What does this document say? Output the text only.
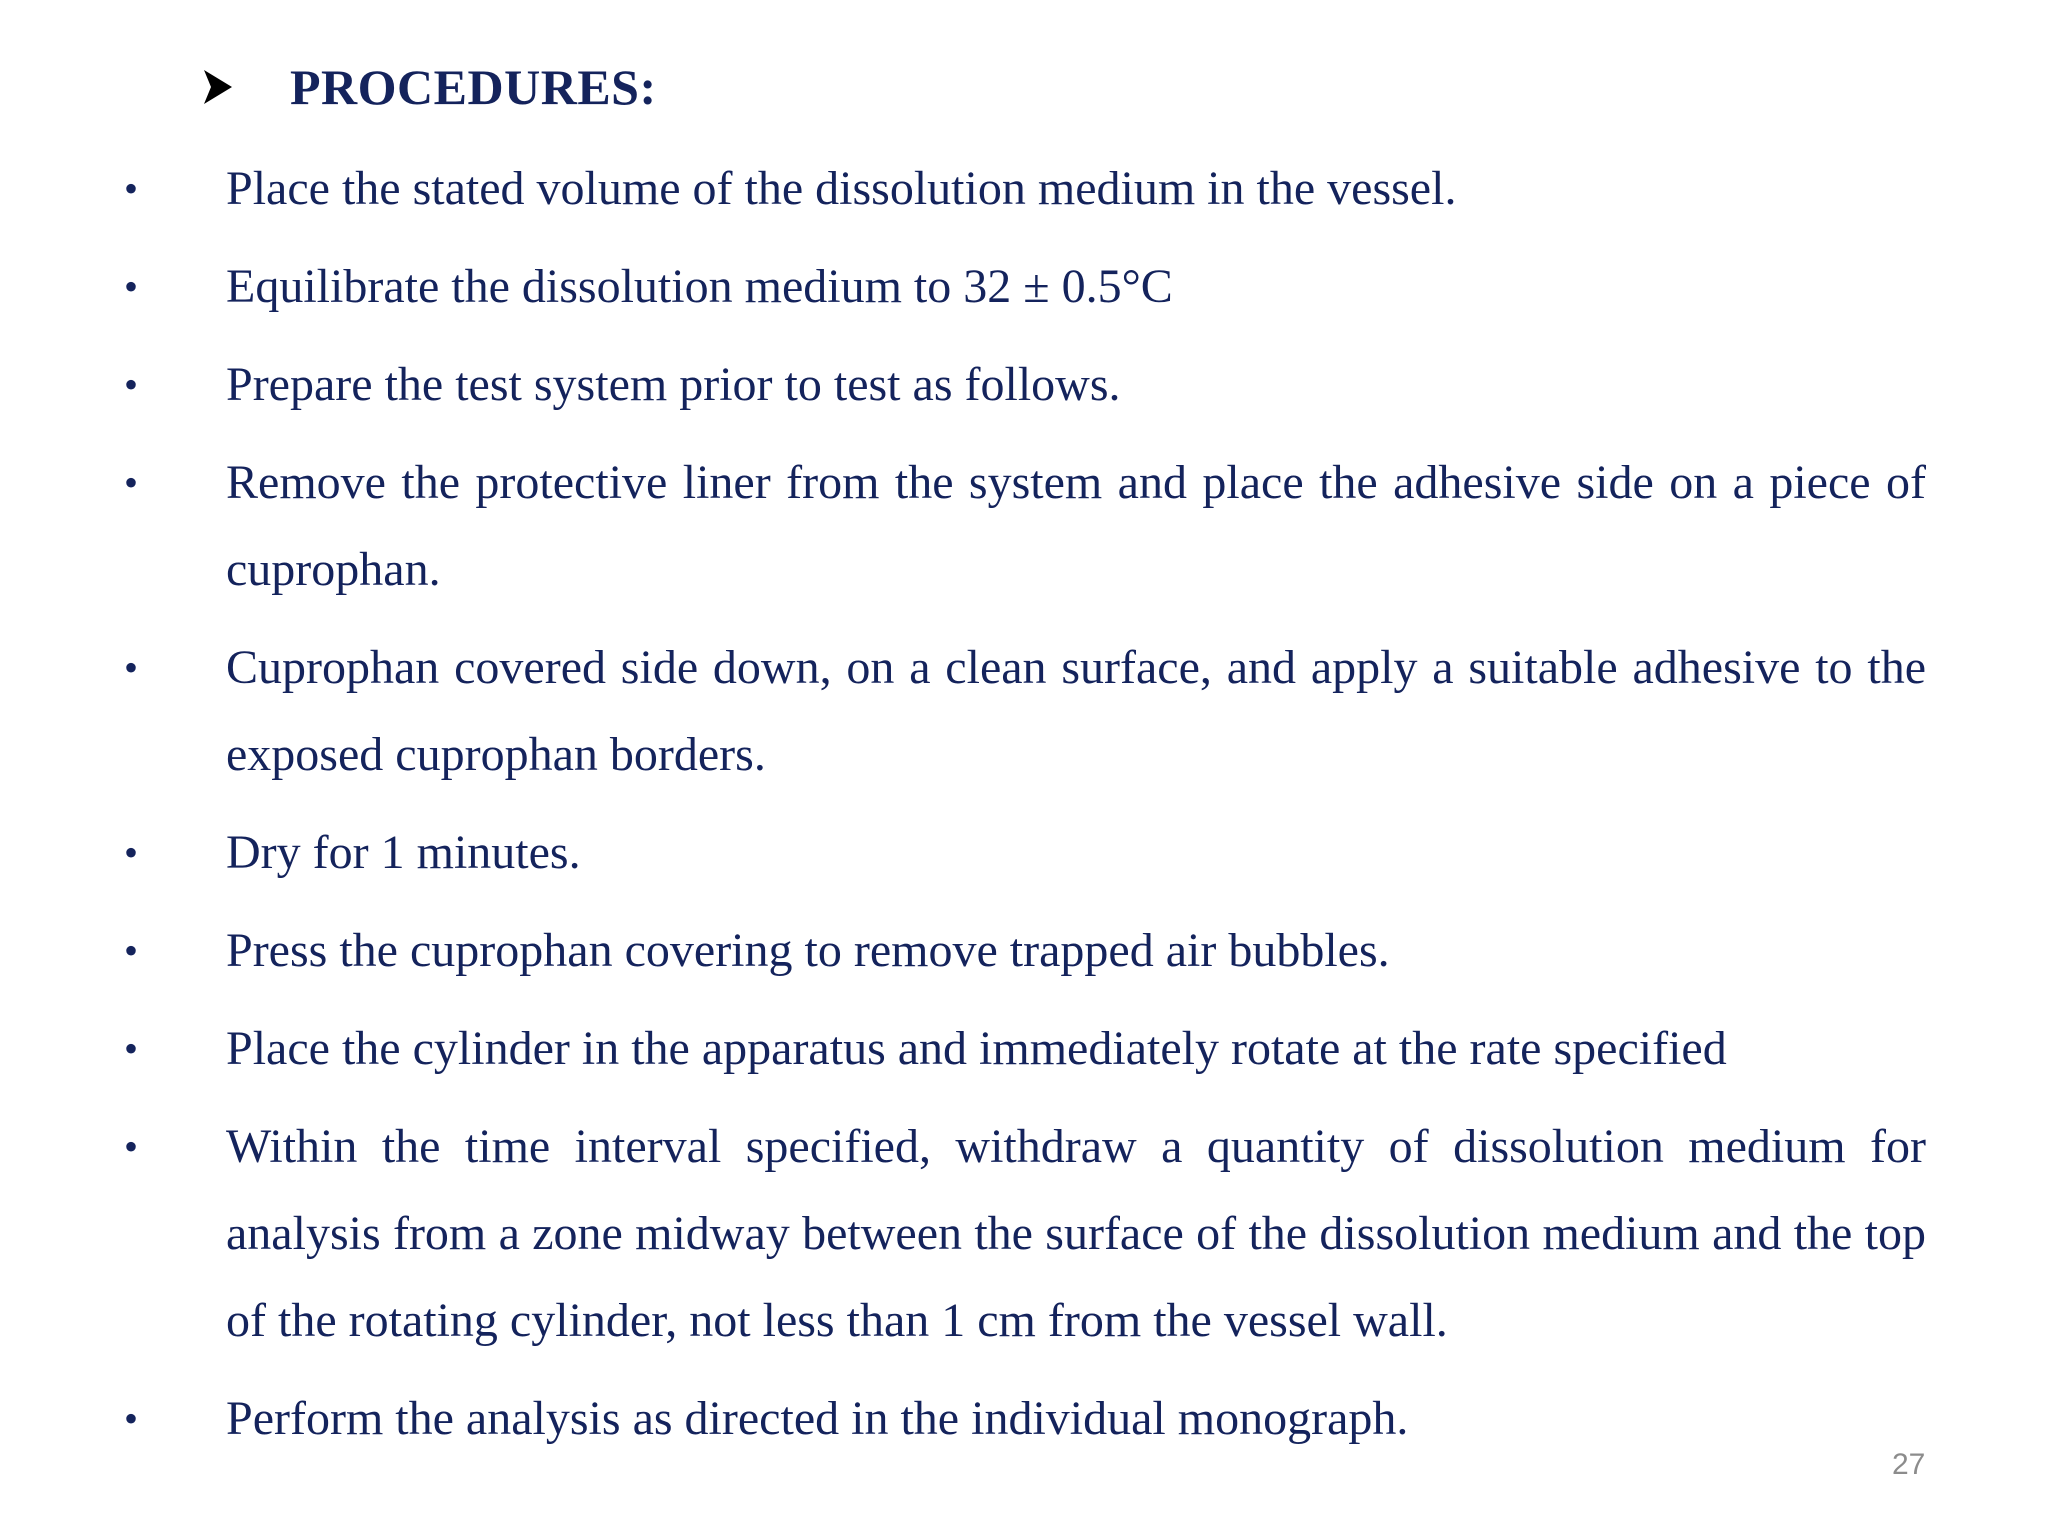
PROCEDURES:
• Place the stated volume of the dissolution medium in the vessel.
• Equilibrate the dissolution medium to 32 ± 0.5°C
• Prepare the test system prior to test as follows.
• Remove the protective liner from the system and place the adhesive side on a piece of cuprophan.
• Cuprophan covered side down, on a clean surface, and apply a suitable adhesive to the exposed cuprophan borders.
• Dry for 1 minutes.
• Press the cuprophan covering to remove trapped air bubbles.
• Place the cylinder in the apparatus and immediately rotate at the rate specified
• Within the time interval specified, withdraw a quantity of dissolution medium for analysis from a zone midway between the surface of the dissolution medium and the top of the rotating cylinder, not less than 1 cm from the vessel wall.
• Perform the analysis as directed in the individual monograph.
27
